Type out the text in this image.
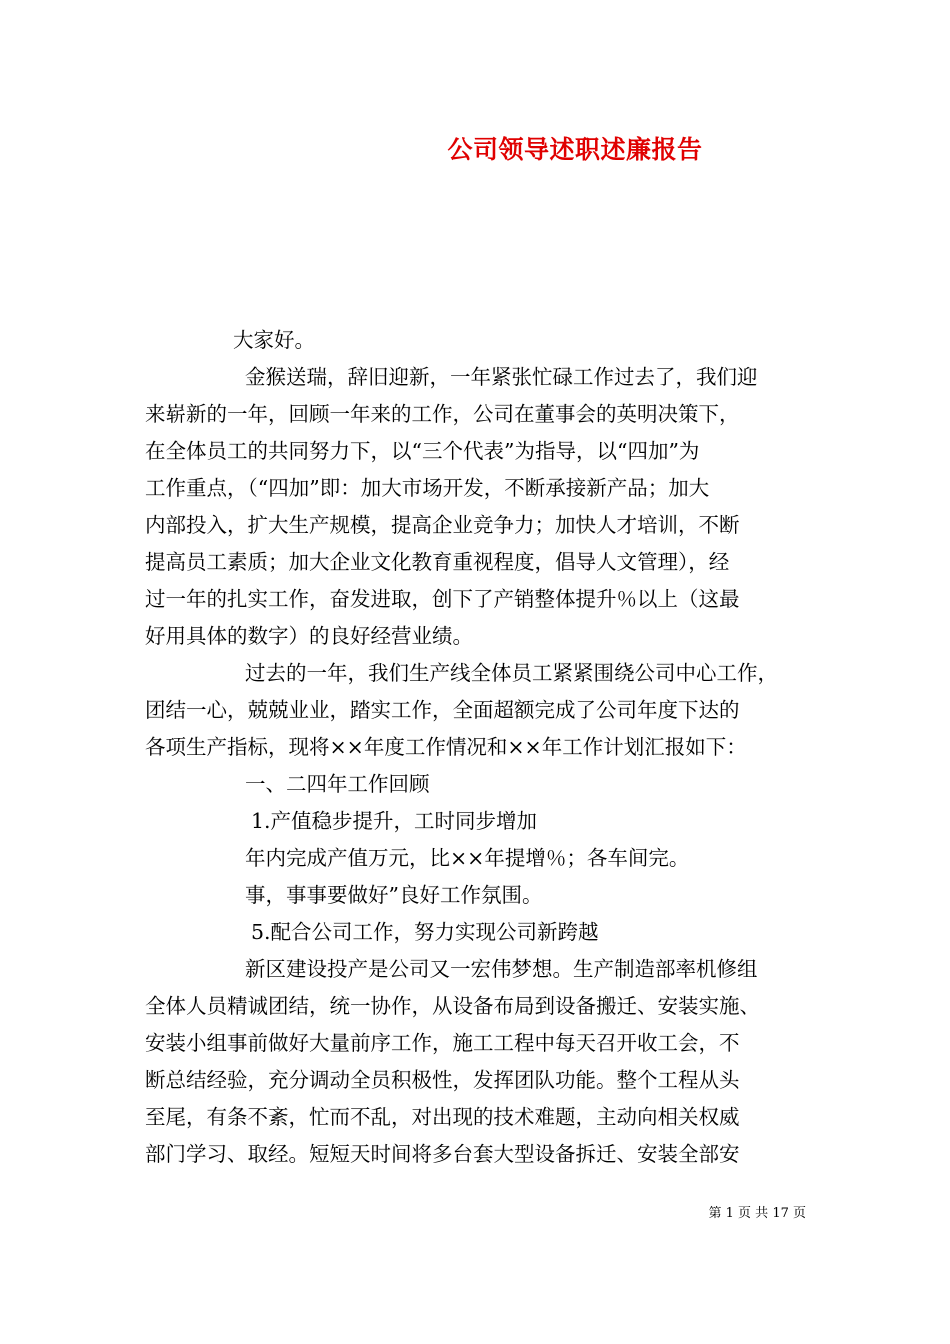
公司领导述职述廉报告
大家好。
金猴送瑞，辞旧迎新，一年紧张忙碌工作过去了，我们迎
来崭新的一年，回顾一年来的工作，公司在董事会的英明决策下，
在全体员工的共同努力下，以“三个代表”为指导，以“四加”为
工作重点，（“四加”即：加大市场开发，不断承接新产品；加大
内部投入，扩大生产规模，提高企业竞争力；加快人才培训，不断
提高员工素质；加大企业文化教育重视程度，倡导人文管理），经
过一年的扎实工作，奋发进取，创下了产销整体提升％以上（这最
好用具体的数字）的良好经营业绩。
过去的一年，我们生产线全体员工紧紧围绕公司中心工作，
团结一心，兢兢业业，踏实工作，全面超额完成了公司年度下达的
各项生产指标，现将××年度工作情况和××年工作计划汇报如下：
一、二四年工作回顾
1.产值稳步提升，工时同步增加
年内完成产值万元，比××年提增％；各车间完。
事，事事要做好”良好工作氛围。
5.配合公司工作，努力实现公司新跨越
新区建设投产是公司又一宏伟梦想。生产制造部率机修组
全体人员精诚团结，统一协作，从设备布局到设备搬迁、安装实施、
安装小组事前做好大量前序工作，施工工程中每天召开收工会，不
断总结经验，充分调动全员积极性，发挥团队功能。整个工程从头
至尾，有条不紊，忙而不乱，对出现的技术难题，主动向相关权威
部门学习、取经。短短天时间将多台套大型设备拆迁、安装全部安
第 1 页 共 17 页
